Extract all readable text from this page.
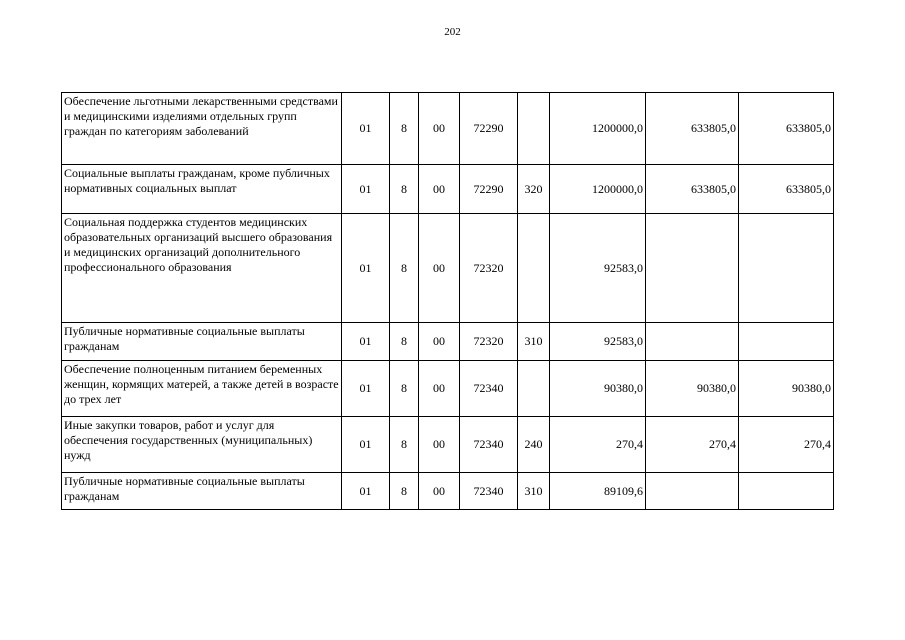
202
Обеспечение льготными лекарственными средствами и медицинскими изделиями отдельных групп граждан по категориям заболеваний	01	8	00	72290		1200000,0	633805,0	633805,0
Социальные выплаты гражданам, кроме публичных нормативных социальных выплат	01	8	00	72290	320	1200000,0	633805,0	633805,0
Социальная поддержка студентов медицинских образовательных организаций высшего образования и медицинских организаций дополнительного профессионального образования	01	8	00	72320		92583,0		
Публичные нормативные социальные выплаты гражданам	01	8	00	72320	310	92583,0		
Обеспечение полноценным питанием беременных женщин, кормящих матерей, а также детей в возрасте до трех лет	01	8	00	72340		90380,0	90380,0	90380,0
Иные закупки товаров, работ и услуг для обеспечения государственных (муниципальных) нужд	01	8	00	72340	240	270,4	270,4	270,4
Публичные нормативные социальные выплаты гражданам	01	8	00	72340	310	89109,6		
